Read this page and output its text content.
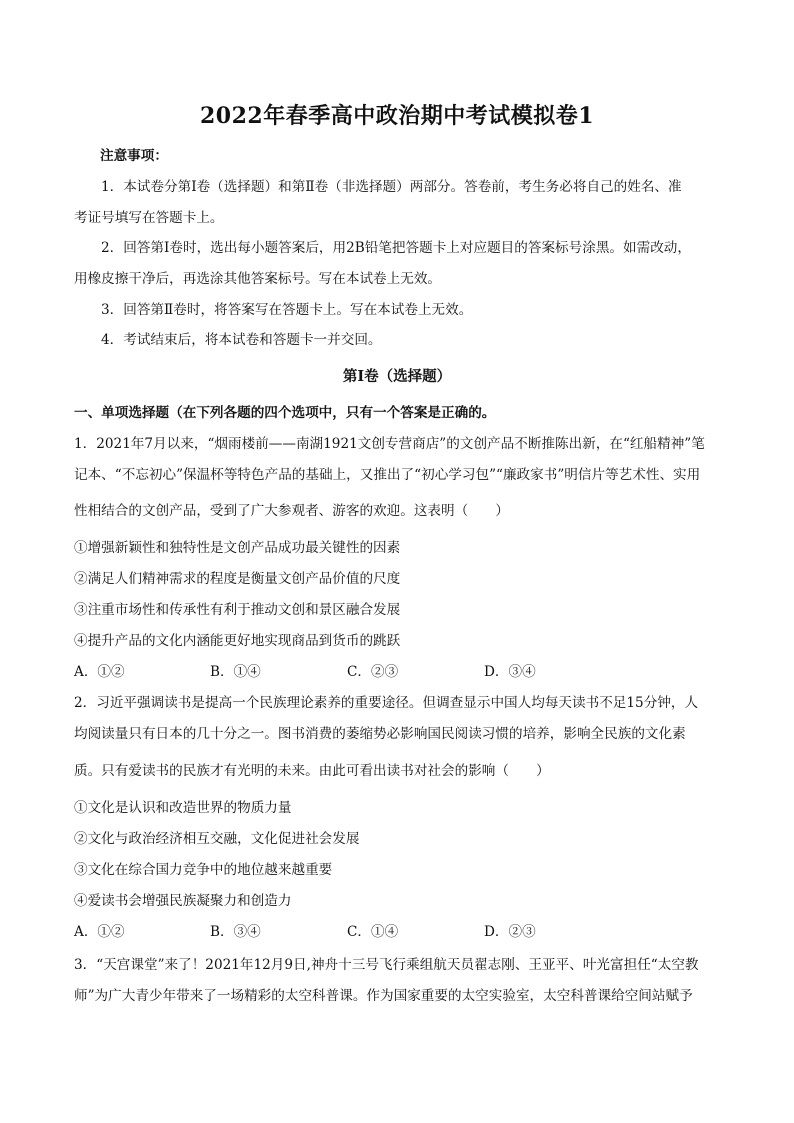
2022年春季高中政治期中考试模拟卷1
注意事项：
1．本试卷分第Ⅰ卷（选择题）和第Ⅱ卷（非选择题）两部分。答卷前，考生务必将自己的姓名、准
考证号填写在答题卡上。
2．回答第Ⅰ卷时，选出每小题答案后，用2B铅笔把答题卡上对应题目的答案标号涂黑。如需改动，
用橡皮擦干净后，再选涂其他答案标号。写在本试卷上无效。
3．回答第Ⅱ卷时，将答案写在答题卡上。写在本试卷上无效。
4．考试结束后，将本试卷和答题卡一并交回。
第Ⅰ卷（选择题）
一、单项选择题（在下列各题的四个选项中，只有一个答案是正确的。
1．2021年7月以来，“烟雨楼前——南湖1921文创专营商店”的文创产品不断推陈出新，在“红船精神”笔
记本、“不忘初心”保温杯等特色产品的基础上，又推出了“初心学习包”“廉政家书”明信片等艺术性、实用
性相结合的文创产品，受到了广大参观者、游客的欢迎。这表明（　　）
①增强新颖性和独特性是文创产品成功最关键性的因素
②满足人们精神需求的程度是衡量文创产品价值的尺度
③注重市场性和传承性有利于推动文创和景区融合发展
④提升产品的文化内涵能更好地实现商品到货币的跳跃
A．①②	B．①④	C．②③	D．③④
2．习近平强调读书是提高一个民族理论素养的重要途径。但调查显示中国人均每天读书不足15分钟，人
均阅读量只有日本的几十分之一。图书消费的萎缩势必影响国民阅读习惯的培养，影响全民族的文化素
质。只有爱读书的民族才有光明的未来。由此可看出读书对社会的影响（　　）
①文化是认识和改造世界的物质力量
②文化与政治经济相互交融，文化促进社会发展
③文化在综合国力竞争中的地位越来越重要
④爱读书会增强民族凝聚力和创造力
A．①②	B．③④	C．①④	D．②③
3．“天宫课堂”来了！2021年12月9日,神舟十三号飞行乘组航天员翟志刚、王亚平、叶光富担任“太空教
师”为广大青少年带来了一场精彩的太空科普课。作为国家重要的太空实验室，太空科普课给空间站赋予
